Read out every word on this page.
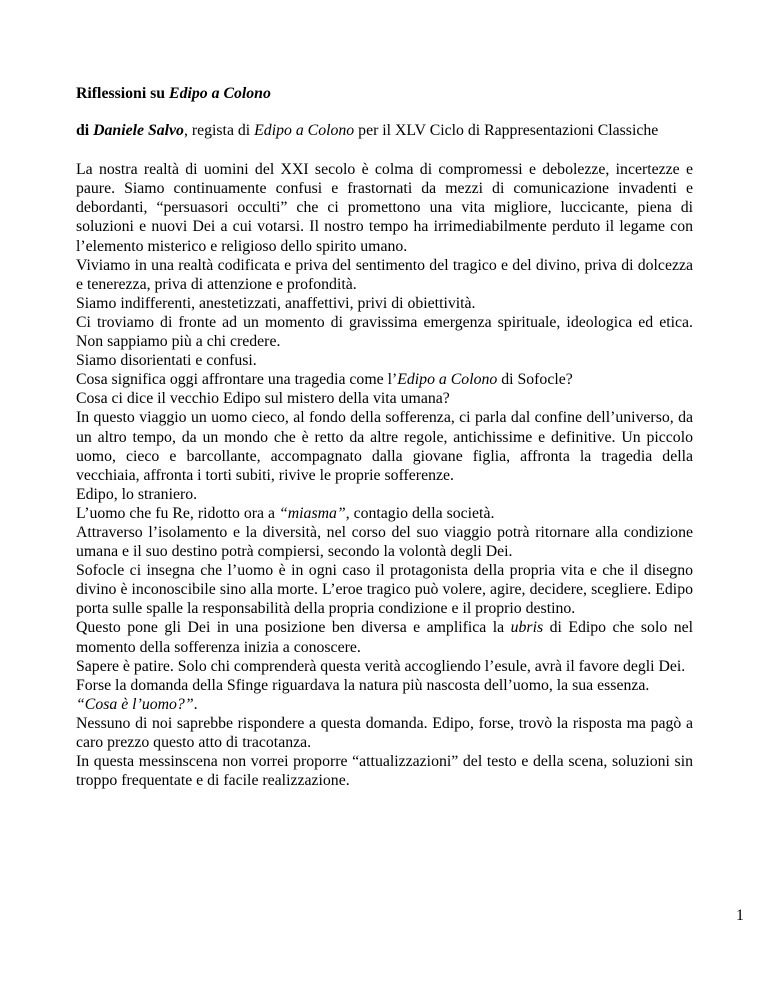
Riflessioni su Edipo a Colono

di Daniele Salvo, regista di Edipo a Colono per il XLV Ciclo di Rappresentazioni Classiche

La nostra realtà di uomini del XXI secolo è colma di compromessi e debolezze, incertezze e paure. Siamo continuamente confusi e frastornati da mezzi di comunicazione invadenti e debordanti, “persuasori occulti” che ci promettono una vita migliore, luccicante, piena di soluzioni e nuovi Dei a cui votarsi. Il nostro tempo ha irrimediabilmente perduto il legame con l’elemento misterico e religioso dello spirito umano.

Viviamo in una realtà codificata e priva del sentimento del tragico e del divino, priva di dolcezza e tenerezza, priva di attenzione e profondità.

Siamo indifferenti, anestetizzati, anaffettivi, privi di obiettività.

Ci troviamo di fronte ad un momento di gravissima emergenza spirituale, ideologica ed etica. Non sappiamo più a chi credere.

Siamo disorientati e confusi.

Cosa significa oggi affrontare una tragedia come l’Edipo a Colono di Sofocle?

Cosa ci dice il vecchio Edipo sul mistero della vita umana?

In questo viaggio un uomo cieco, al fondo della sofferenza, ci parla dal confine dell’universo, da un altro tempo, da un mondo che è retto da altre regole, antichissime e definitive. Un piccolo uomo, cieco e barcollante, accompagnato dalla giovane figlia, affronta la tragedia della vecchiaia, affronta i torti subiti, rivive le proprie sofferenze.

Edipo, lo straniero.

L’uomo che fu Re, ridotto ora a “miasma”, contagio della società.

Attraverso l’isolamento e la diversità, nel corso del suo viaggio potrà ritornare alla condizione umana e il suo destino potrà compiersi, secondo la volontà degli Dei.

Sofocle ci insegna che l’uomo è in ogni caso il protagonista della propria vita e che il disegno divino è inconoscibile sino alla morte. L’eroe tragico può volere, agire, decidere, scegliere. Edipo porta sulle spalle la responsabilità della propria condizione e il proprio destino.

Questo pone gli Dei in una posizione ben diversa e amplifica la ubris di Edipo che solo nel momento della sofferenza inizia a conoscere.

Sapere è patire. Solo chi comprenderà questa verità accogliendo l’esule, avrà il favore degli Dei.

Forse la domanda della Sfinge riguardava la natura più nascosta dell’uomo, la sua essenza.

“Cosa è l’uomo?”.

Nessuno di noi saprebbe rispondere a questa domanda. Edipo, forse, trovò la risposta ma pagò a caro prezzo questo atto di tracotanza.

In questa messinscena non vorrei proporre “attualizzazioni” del testo e della scena, soluzioni sin troppo frequentate e di facile realizzazione.

1
